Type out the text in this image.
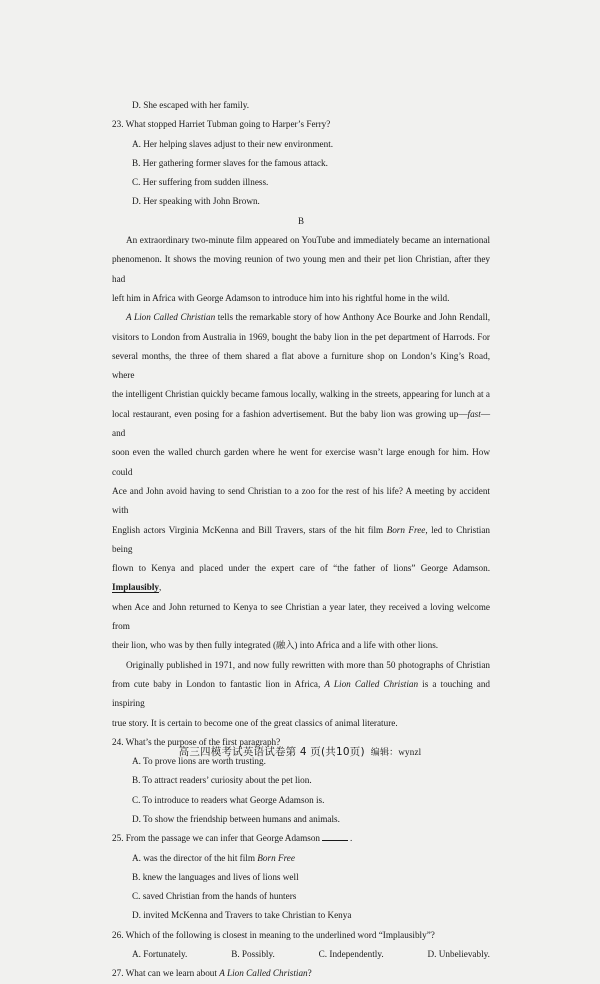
D. She escaped with her family.
23. What stopped Harriet Tubman going to Harper’s Ferry?
A. Her helping slaves adjust to their new environment.
B. Her gathering former slaves for the famous attack.
C. Her suffering from sudden illness.
D. Her speaking with John Brown.
B
An extraordinary two-minute film appeared on YouTube and immediately became an international
phenomenon. It shows the moving reunion of two young men and their pet lion Christian, after they had
left him in Africa with George Adamson to introduce him into his rightful home in the wild.
A Lion Called Christian tells the remarkable story of how Anthony Ace Bourke and John Rendall,
visitors to London from Australia in 1969, bought the baby lion in the pet department of Harrods. For
several months, the three of them shared a flat above a furniture shop on London’s King’s Road, where
the intelligent Christian quickly became famous locally, walking in the streets, appearing for lunch at a
local restaurant, even posing for a fashion advertisement. But the baby lion was growing up—fast—and
soon even the walled church garden where he went for exercise wasn’t large enough for him. How could
Ace and John avoid having to send Christian to a zoo for the rest of his life? A meeting by accident with
English actors Virginia McKenna and Bill Travers, stars of the hit film Born Free, led to Christian being
flown to Kenya and placed under the expert care of “the father of lions” George Adamson. Implausibly,
when Ace and John returned to Kenya to see Christian a year later, they received a loving welcome from
their lion, who was by then fully integrated (融入) into Africa and a life with other lions.
Originally published in 1971, and now fully rewritten with more than 50 photographs of Christian
from cute baby in London to fantastic lion in Africa, A Lion Called Christian is a touching and inspiring
true story. It is certain to become one of the great classics of animal literature.
24. What’s the purpose of the first paragraph?
A. To prove lions are worth trusting.
B. To attract readers’ curiosity about the pet lion.
C. To introduce to readers what George Adamson is.
D. To show the friendship between humans and animals.
25. From the passage we can infer that George Adamson	.
A. was the director of the hit film Born Free
B. knew the languages and lives of lions well
C. saved Christian from the hands of hunters
D. invited McKenna and Travers to take Christian to Kenya
26. Which of the following is closest in meaning to the underlined word “Implausibly”?
A. Fortunately.	B. Possibly.	C. Independently.	D. Unbelievably.
27. What can we learn about A Lion Called Christian?
高三四模考试英语试卷第 4 页(共10页) 编辑：wynzl
